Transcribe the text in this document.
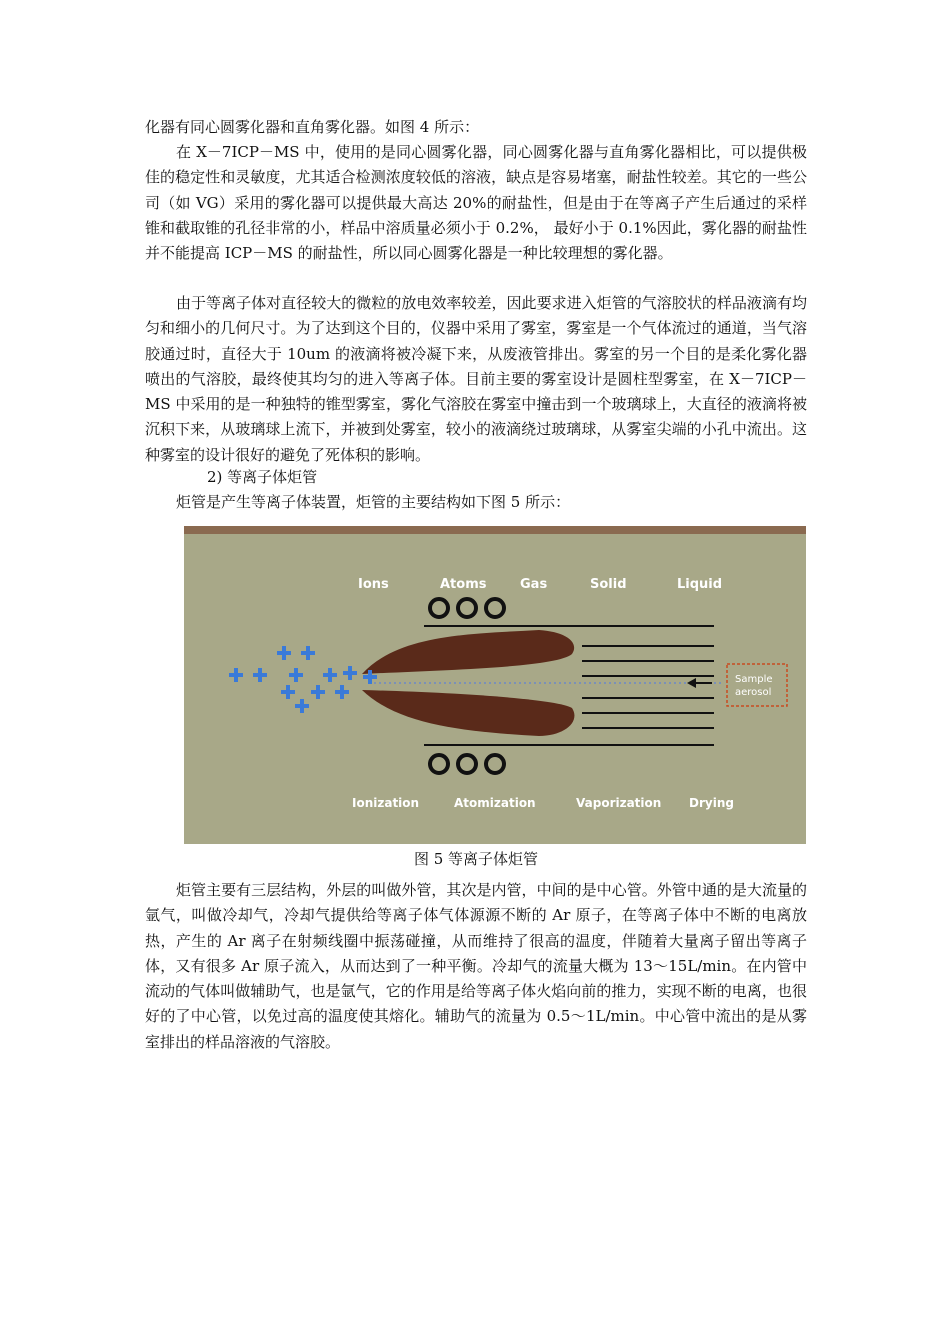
化器有同心圆雾化器和直角雾化器。如图 4 所示：

在 X－7ICP－MS 中，使用的是同心圆雾化器，同心圆雾化器与直角雾化器相比，可以提供极佳的稳定性和灵敏度，尤其适合检测浓度较低的溶液，缺点是容易堵塞，耐盐性较差。其它的一些公司（如 VG）采用的雾化器可以提供最大高达 20%的耐盐性，但是由于在等离子产生后通过的采样锥和截取锥的孔径非常的小，样品中溶质量必须小于 0.2%， 最好小于 0.1%因此，雾化器的耐盐性并不能提高 ICP－MS 的耐盐性，所以同心圆雾化器是一种比较理想的雾化器。

由于等离子体对直径较大的微粒的放电效率较差，因此要求进入炬管的气溶胶状的样品液滴有均匀和细小的几何尺寸。为了达到这个目的，仪器中采用了雾室，雾室是一个气体流过的通道，当气溶胶通过时，直径大于 10um 的液滴将被冷凝下来，从废液管排出。雾室的另一个目的是柔化雾化器喷出的气溶胶，最终使其均匀的进入等离子体。目前主要的雾室设计是圆柱型雾室，在 X－7ICP－MS 中采用的是一种独特的锥型雾室，雾化气溶胶在雾室中撞击到一个玻璃球上，大直径的液滴将被沉积下来，从玻璃球上流下，并被到处雾室，较小的液滴绕过玻璃球，从雾室尖端的小孔中流出。这种雾室的设计很好的避免了死体积的影响。

2) 等离子体炬管

炬管是产生等离子体装置，炬管的主要结构如下图 5 所示：

Ions	Atoms	Gas	Solid	Liquid
Sample
aerosol
Ionization	Atomization	Vaporization Drying
图 5 等离子体炬管

炬管主要有三层结构，外层的叫做外管，其次是内管，中间的是中心管。外管中通的是大流量的氩气，叫做冷却气，冷却气提供给等离子体气体源源不断的 Ar 原子，在等离子体中不断的电离放热，产生的 Ar 离子在射频线圈中振荡碰撞，从而维持了很高的温度，伴随着大量离子留出等离子体，又有很多 Ar 原子流入，从而达到了一种平衡。冷却气的流量大概为 13～15L/min。在内管中流动的气体叫做辅助气，也是氩气，它的作用是给等离子体火焰向前的推力，实现不断的电离，也很好的了中心管，以免过高的温度使其熔化。辅助气的流量为 0.5～1L/min。中心管中流出的是从雾室排出的样品溶液的气溶胶。
